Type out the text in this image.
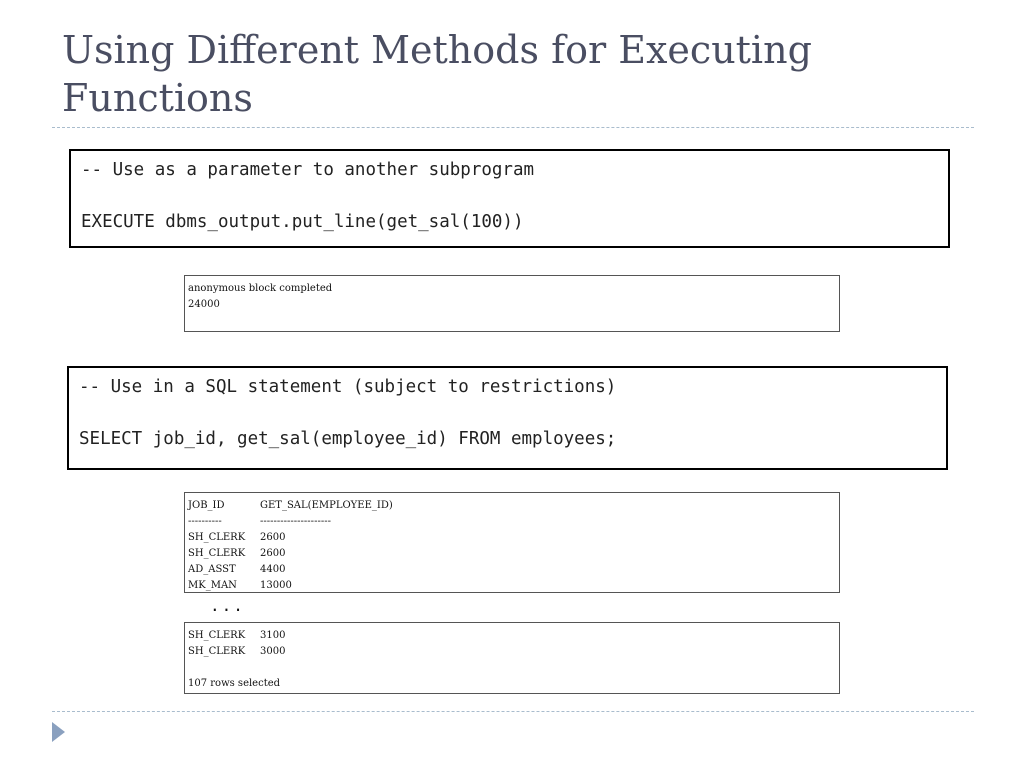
Using Different Methods for Executing
Functions
-- Use as a parameter to another subprogram
EXECUTE dbms_output.put_line(get_sal(100))
anonymous block completed
24000
-- Use in a SQL statement (subject to restrictions)
SELECT job_id, get_sal(employee_id) FROM employees;
JOB_ID	GET_SAL(EMPLOYEE_ID)
----------	---------------------
SH_CLERK 2600
SH_CLERK 2600
AD_ASST 4400
MK_MAN 13000
...
SH_CLERK 3100
SH_CLERK 3000
107 rows selected
